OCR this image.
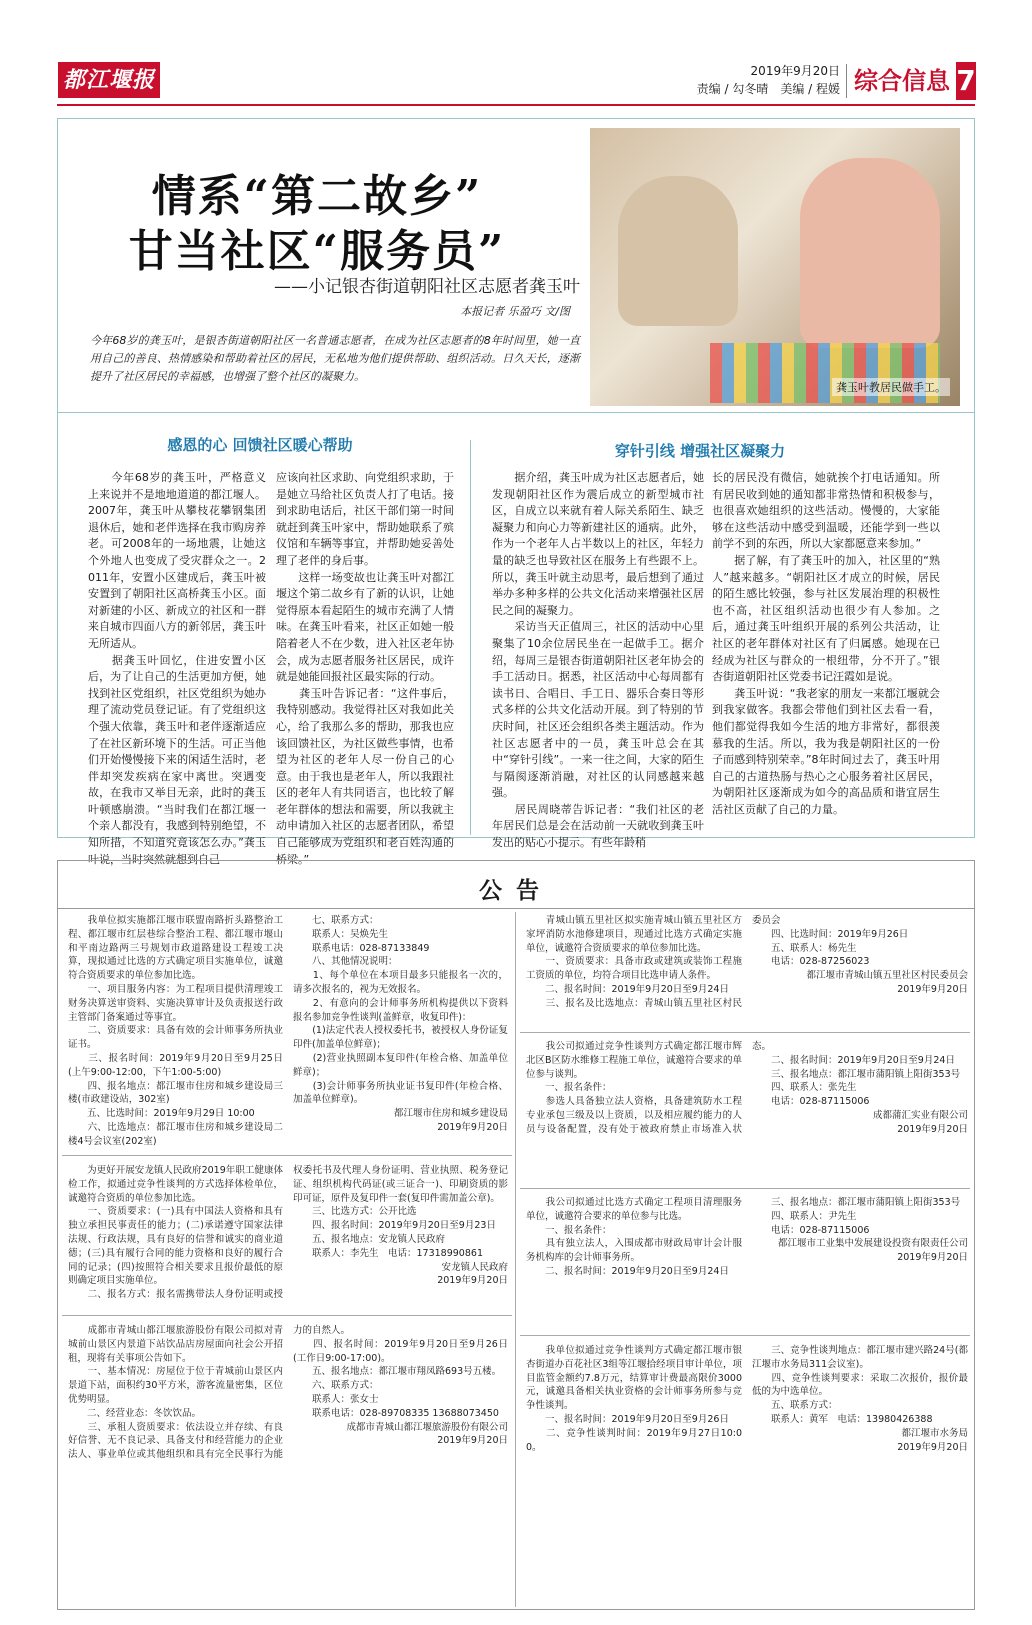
都江堰报	2019年9月20日
责编 / 勾冬晴　美编 / 程媛 综合信息 7
情系“第二故乡”
甘当社区“服务员”
——小记银杏街道朝阳社区志愿者龚玉叶
本报记者 乐盈巧 文/图
龚玉叶教居民做手工。
今年68岁的龚玉叶，是银杏街道朝阳社区一名普通志愿者，在成为社区志愿者的8年时间里，她一直用自己的善良、热情感染和帮助着社区的居民，无私地为他们提供帮助、组织活动。日久天长，逐渐提升了社区居民的幸福感，也增强了整个社区的凝聚力。
感恩的心 回馈社区暖心帮助	穿针引线 增强社区凝聚力
　　今年68岁的龚玉叶，严格意义上来说并不是地地道道的都江堰人。2007年，龚玉叶从攀枝花攀钢集团退休后，她和老伴选择在我市购房养老。可2008年的一场地震，让她这个外地人也变成了受灾群众之一。2011年，安置小区建成后，龚玉叶被安置到了朝阳社区高桥龚玉小区。面对新建的小区、新成立的社区和一群来自城市四面八方的新邻居，龚玉叶无所适从。
　　据龚玉叶回忆，住进安置小区后，为了让自己的生活更加方便，她找到社区党组织，社区党组织为她办理了流动党员登记证。有了党组织这个强大依靠，龚玉叶和老伴逐渐适应了在社区新环境下的生活。可正当他们开始慢慢接下来的闲适生活时，老伴却突发疾病在家中离世。突遇变故，在我市又举目无亲，此时的龚玉叶顿感崩溃。“当时我们在都江堰一个亲人都没有，我感到特别绝望，不知所措，不知道究竟该怎么办。”龚玉叶说，当时突然就想到自己
应该向社区求助、向党组织求助，于是她立马给社区负责人打了电话。接到求助电话后，社区干部们第一时间就赶到龚玉叶家中，帮助她联系了殡仪馆和车辆等事宜，并帮助她妥善处理了老伴的身后事。
　　这样一场变故也让龚玉叶对都江堰这个第二故乡有了新的认识，让她觉得原本看起陌生的城市充满了人情味。在龚玉叶看来，社区正如她一般陪着老人不在少数，进入社区老年协会，成为志愿者服务社区居民，成许就是她能回报社区最实际的行动。
　　龚玉叶告诉记者：“这件事后，我特别感动。我觉得社区对我如此关心，给了我那么多的帮助，那我也应该回馈社区，为社区做些事情，也希望为社区的老年人尽一份自己的心意。由于我也是老年人，所以我跟社区的老年人有共同语言，也比较了解老年群体的想法和需要，所以我就主动申请加入社区的志愿者团队，希望自己能够成为党组织和老百姓沟通的桥梁。”
　　据介绍，龚玉叶成为社区志愿者后，她发现朝阳社区作为震后成立的新型城市社区，自成立以来就有着人际关系陌生、缺乏凝聚力和向心力等新建社区的通病。此外，作为一个老年人占半数以上的社区，年轻力量的缺乏也导致社区在服务上有些跟不上。所以，龚玉叶就主动思考，最后想到了通过举办多种多样的公共文化活动来增强社区居民之间的凝聚力。
　　采访当天正值周三，社区的活动中心里聚集了10余位居民坐在一起做手工。据介绍，每周三是银杏街道朝阳社区老年协会的手工活动日。据悉，社区活动中心每周都有读书日、合唱日、手工日、器乐合奏日等形式多样的公共文化活动开展。到了特别的节庆时间，社区还会组织各类主题活动。作为社区志愿者中的一员，龚玉叶总会在其中“穿针引线”。一来一往之间，大家的陌生与隔阂逐渐消融，对社区的认同感越来越强。
　　居民周晓蒂告诉记者：“我们社区的老年居民们总是会在活动前一天就收到龚玉叶发出的贴心小提示。有些年龄稍
长的居民没有微信，她就挨个打电话通知。所有居民收到她的通知都非常热情和积极参与，也很喜欢她组织的这些活动。慢慢的，大家能够在这些活动中感受到温暖，还能学到一些以前学不到的东西，所以大家都愿意来参加。”
　　据了解，有了龚玉叶的加入，社区里的“熟人”越来越多。“朝阳社区才成立的时候，居民的陌生感比较强，参与社区发展治理的积极性也不高，社区组织活动也很少有人参加。之后，通过龚玉叶组织开展的系列公共活动，让社区的老年群体对社区有了归属感。她现在已经成为社区与群众的一根纽带，分不开了。”银杏街道朝阳社区党委书记汪霞如是说。
　　龚玉叶说：“我老家的朋友一来都江堰就会到我家做客。我都会带他们到社区去看一看，他们都觉得我如今生活的地方非常好，都很羡慕我的生活。所以，我为我是朝阳社区的一份子而感到特别荣幸。”8年时间过去了，龚玉叶用自己的古道热肠与热心之心服务着社区居民，为朝阳社区逐渐成为如今的高品质和谐宜居生活社区贡献了自己的力量。
公告
　　我单位拟实施都江堰市联盟南路折头路整治工程、都江堰市红层巷综合整治工程、都江堰市堰山和平南边路两三号规划市政道路建设工程竣工决算，现拟通过比选的方式确定项目实施单位，诚邀符合资质要求的单位参加比选。
　　一、项目服务内容：为工程项目提供清理竣工财务决算送审资料、实施决算审计及负责报送行政主管部门备案通过等事宜。
　　二、资质要求：具备有效的会计师事务所执业证书。
　　三、报名时间：2019年9月20日至9月25日(上午9:00-12:00，下午1:00-5:00)
　　四、报名地点：都江堰市住房和城乡建设局三楼(市政建设站，302室)
　　五、比选时间：2019年9月29日 10:00
　　六、比选地点：都江堰市住房和城乡建设局二楼4号会议室(202室)
　　七、联系方式：
　　联系人：吴焕先生
　　联系电话：028-87133849
　　八、其他情况说明：
　　1、每个单位在本项目最多只能报名一次的，请多次报名的，视为无效报名。
　　2、有意向的会计师事务所机构提供以下资料报名参加竞争性谈判(盖鲜章，收复印件)：
　　(1)法定代表人授权委托书，被授权人身份证复印件(加盖单位鲜章)；
　　(2)营业执照副本复印件(年检合格、加盖单位鲜章)；
　　(3)会计师事务所执业证书复印件(年检合格、加盖单位鲜章)。
都江堰市住房和城乡建设局
2019年9月20日
　　为更好开展安龙镇人民政府2019年职工健康体检工作，拟通过竞争性谈判的方式选择体检单位，诚邀符合资质的单位参加比选。
　　一、资质要求：(一)具有中国法人资格和具有独立承担民事责任的能力；(二)承诺遵守国家法律法规、行政法规，具有良好的信誉和诚实的商业道德；(三)具有履行合同的能力资格和良好的履行合同的记录；(四)按照符合相关要求且报价最低的原则确定项目实施单位。
　　二、报名方式：报名需携带法人身份证明或授权委托书及代理人身份证明、营业执照、税务登记证、组织机构代码证(或三证合一)、印刷资质的影印可证，原件及复印件一套(复印件需加盖公章)。
　　三、比选方式：公开比选
　　四、报名时间：2019年9月20日至9月23日
　　五、报名地点：安龙镇人民政府
　　联系人：李先生　电话：17318990861
安龙镇人民政府
2019年9月20日
　　成都市青城山都江堰旅游股份有限公司拟对青城前山景区内景道下站饮品店房屋面向社会公开招租，现将有关事项公告如下。
　　一、基本情况：房屋位于位于青城前山景区内景道下站，面积约30平方米，游客流量密集，区位优势明显。
　　二、经营业态：冬饮饮品。
　　三、承租人资质要求：依法设立并存续、有良好信誉、无不良记录、具备支付和经营能力的企业法人、事业单位或其他组织和具有完全民事行为能力的自然人。
　　四、报名时间：2019年9月20日至9月26日(工作日9:00-17:00)。
　　五、报名地点：都江堰市翔凤路693号五楼。
　　六、联系方式：
　　联系人：张女士
　　联系电话：028-89708335 13688073450
成都市青城山都江堰旅游股份有限公司
2019年9月20日
　　青城山镇五里社区拟实施青城山镇五里社区方家坪消防水池修建项目，现通过比选方式确定实施单位，诚邀符合资质要求的单位参加比选。
　　一、资质要求：具备市政或建筑或装饰工程施工资质的单位，均符合项目比选申请人条件。
　　二、报名时间：2019年9月20日至9月24日
　　三、报名及比选地点：青城山镇五里社区村民委员会
　　四、比选时间：2019年9月26日
　　五、联系人：杨先生
　　电话：028-87256023
都江堰市青城山镇五里社区村民委员会
2019年9月20日
　　我公司拟通过竞争性谈判方式确定都江堰市辉北区B区防水维修工程施工单位，诚邀符合要求的单位参与谈判。
　　一、报名条件：
　　参选人具备独立法人资格，具备建筑防水工程专业承包三级及以上资质，以及相应履约能力的人员与设备配置，没有处于被政府禁止市场准入状态。
　　二、报名时间：2019年9月20日至9月24日
　　三、报名地点：都江堰市蒲阳镇上阳街353号
　　四、联系人：张先生
　　电话：028-87115006
成都蒲汇实业有限公司
2019年9月20日
　　我公司拟通过比选方式确定工程项目清理服务单位，诚邀符合要求的单位参与比选。
　　一、报名条件：
　　具有独立法人，入围成都市财政局审计会计服务机构库的会计师事务所。
　　二、报名时间：2019年9月20日至9月24日
　　三、报名地点：都江堰市蒲阳镇上阳街353号
　　四、联系人：尹先生
　　电话：028-87115006
都江堰市工业集中发展建设投资有限责任公司
2019年9月20日
　　我单位拟通过竞争性谈判方式确定都江堰市银杏街道办百花社区3组等江堰拾经项目审计单位，项目监管金额约7.8万元，结算审计费最高限价3000元，诚邀具备相关执业资格的会计师事务所参与竞争性谈判。
　　一、报名时间：2019年9月20日至9月26日
　　二、竞争性谈判时间：2019年9月27日10:00。
　　三、竞争性谈判地点：都江堰市建兴路24号(都江堰市水务局311会议室)。
　　四、竞争性谈判要求：采取二次报价，报价最低的为中选单位。
　　五、联系方式：
　　联系人：黄军　电话：13980426388
都江堰市水务局
2019年9月20日
